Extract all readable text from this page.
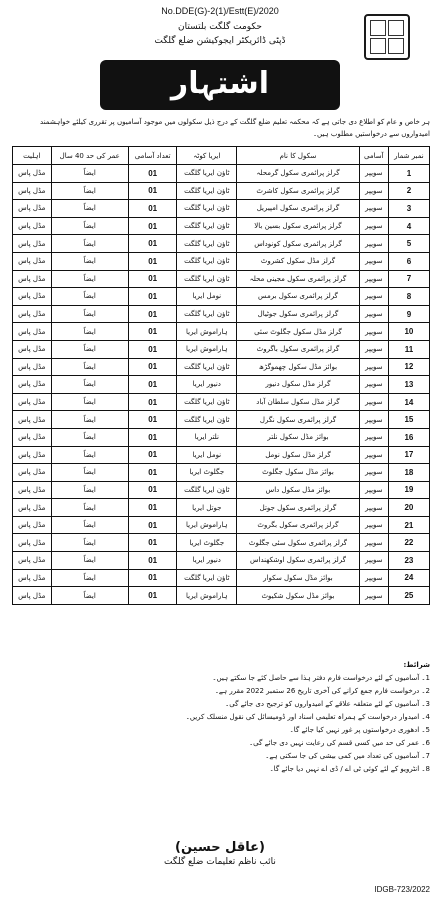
No.DDE(G)-2(1)/Estt(E)/2020
حکومت گلگت بلتستان
ڈپٹی ڈائریکٹر ایجوکیشن ضلع گلگت
اشتہار
ہر خاص و عام کو اطلاع دی جاتی ہے کہ محکمہ تعلیم ضلع گلگت کے درج ذیل سکولوں میں موجود آسامیوں پر تقرری کیلئے خواہشمند امیدواروں سے درخواستیں مطلوب ہیں۔
نمبر شمار	آسامی	سکول کا نام	ایریا کوٹہ	تعداد آسامی	عمر کی حد 40 سال	اہلیت
1	سویپر	گرلز پرائمری سکول گرمحلہ	ٹاؤن ایریا گلگت	01	ایضاً	مڈل پاس
2	سویپر	گرلز پرائمری سکول کاشرٹ	ٹاؤن ایریا گلگت	01	ایضاً	مڈل پاس
3	سویپر	گرلز پرائمری سکول امپیریل	ٹاؤن ایریا گلگت	01	ایضاً	مڈل پاس
4	سویپر	گرلز پرائمری سکول بسین بالا	ٹاؤن ایریا گلگت	01	ایضاً	مڈل پاس
5	سویپر	گرلز پرائمری سکول کونوداس	ٹاؤن ایریا گلگت	01	ایضاً	مڈل پاس
6	سویپر	گرلز مڈل سکول کشروٹ	ٹاؤن ایریا گلگت	01	ایضاً	مڈل پاس
7	سویپر	گرلز پرائمری سکول مجینی محلہ	ٹاؤن ایریا گلگت	01	ایضاً	مڈل پاس
8	سویپر	گرلز پرائمری سکول برمس	نومل ایریا	01	ایضاً	مڈل پاس
9	سویپر	گرلز پرائمری سکول جوٹیال	ٹاؤن ایریا گلگت	01	ایضاً	مڈل پاس
10	سویپر	گرلز مڈل سکول جگلوٹ سئی	ہاراموش ایریا	01	ایضاً	مڈل پاس
11	سویپر	گرلز پرائمری سکول باگروٹ	ہاراموش ایریا	01	ایضاً	مڈل پاس
12	سویپر	بوائز مڈل سکول چھموگڑھ	ٹاؤن ایریا گلگت	01	ایضاً	مڈل پاس
13	سویپر	گرلز مڈل سکول دنیور	دنیور ایریا	01	ایضاً	مڈل پاس
14	سویپر	گرلز مڈل سکول سلطان آباد	ٹاؤن ایریا گلگت	01	ایضاً	مڈل پاس
15	سویپر	گرلز پرائمری سکول نگرل	ٹاؤن ایریا گلگت	01	ایضاً	مڈل پاس
16	سویپر	بوائز مڈل سکول نلتر	نلتر ایریا	01	ایضاً	مڈل پاس
17	سویپر	گرلز مڈل سکول نومل	نومل ایریا	01	ایضاً	مڈل پاس
18	سویپر	بوائز مڈل سکول جگلوٹ	جگلوٹ ایریا	01	ایضاً	مڈل پاس
19	سویپر	بوائز مڈل سکول داس	ٹاؤن ایریا گلگت	01	ایضاً	مڈل پاس
20	سویپر	گرلز پرائمری سکول جوتل	جوتل ایریا	01	ایضاً	مڈل پاس
21	سویپر	گرلز پرائمری سکول بگروٹ	ہاراموش ایریا	01	ایضاً	مڈل پاس
22	سویپر	گرلز پرائمری سکول سئی جگلوٹ	جگلوٹ ایریا	01	ایضاً	مڈل پاس
23	سویپر	گرلز پرائمری سکول اوشکھنداس	دنیور ایریا	01	ایضاً	مڈل پاس
24	سویپر	بوائز مڈل سکول سکوار	ٹاؤن ایریا گلگت	01	ایضاً	مڈل پاس
25	سویپر	بوائز مڈل سکول شکیوٹ	ہاراموش ایریا	01	ایضاً	مڈل پاس
شرائط:
1۔ آسامیوں کے لئے درخواست فارم دفتر ہذا سے حاصل کئے جا سکتے ہیں۔
2۔ درخواست فارم جمع کرانے کی آخری تاریخ 26 ستمبر 2022 مقرر ہے۔
3۔ آسامیوں کے لئے متعلقہ علاقے کے امیدواروں کو ترجیح دی جائے گی۔
4۔ امیدوار درخواست کے ہمراہ تعلیمی اسناد اور ڈومیسائل کی نقول منسلک کریں۔
5۔ ادھوری درخواستوں پر غور نہیں کیا جائے گا۔
6۔ عمر کی حد میں کسی قسم کی رعایت نہیں دی جائے گی۔
7۔ آسامیوں کی تعداد میں کمی بیشی کی جا سکتی ہے۔
8۔ انٹرویو کے لئے کوئی ٹی اے / ڈی اے نہیں دیا جائے گا۔
(عاقل حسین)
نائب ناظم تعلیمات ضلع گلگت
IDGB-723/2022
